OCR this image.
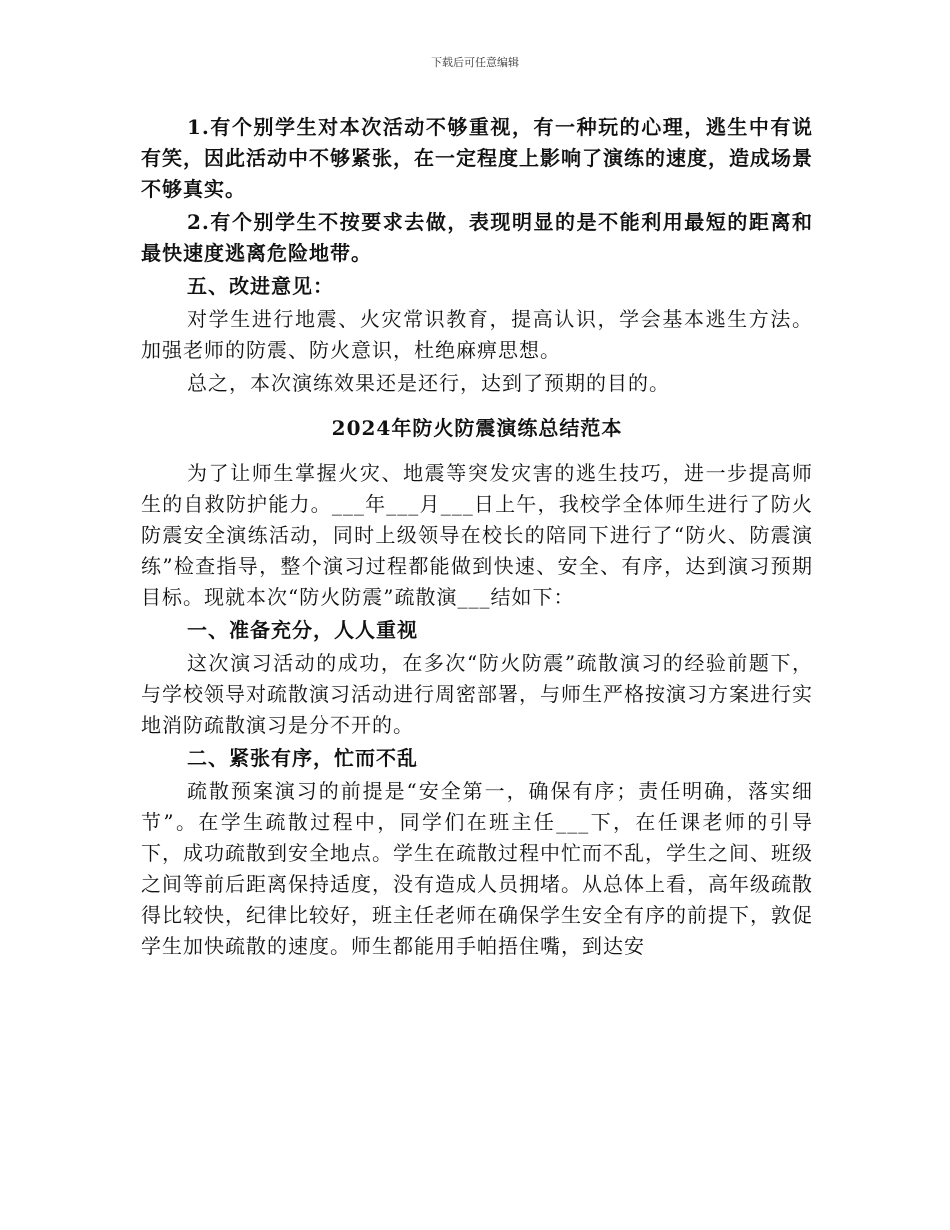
下载后可任意编辑

1.有个别学生对本次活动不够重视，有一种玩的心理，逃生中有说有笑，因此活动中不够紧张，在一定程度上影响了演练的速度，造成场景不够真实。

2.有个别学生不按要求去做，表现明显的是不能利用最短的距离和最快速度逃离危险地带。

五、改进意见：

对学生进行地震、火灾常识教育，提高认识，学会基本逃生方法。加强老师的防震、防火意识，杜绝麻痹思想。

总之，本次演练效果还是还行，达到了预期的目的。

2024年防火防震演练总结范本

为了让师生掌握火灾、地震等突发灾害的逃生技巧，进一步提高师生的自救防护能力。___年___月___日上午，我校学全体师生进行了防火防震安全演练活动，同时上级领导在校长的陪同下进行了“防火、防震演练”检查指导，整个演习过程都能做到快速、安全、有序，达到演习预期目标。现就本次“防火防震”疏散演___结如下：

一、准备充分，人人重视

这次演习活动的成功，在多次“防火防震”疏散演习的经验前题下，与学校领导对疏散演习活动进行周密部署，与师生严格按演习方案进行实地消防疏散演习是分不开的。

二、紧张有序，忙而不乱

疏散预案演习的前提是“安全第一，确保有序；责任明确，落实细节”。在学生疏散过程中，同学们在班主任___下，在任课老师的引导下，成功疏散到安全地点。学生在疏散过程中忙而不乱，学生之间、班级之间等前后距离保持适度，没有造成人员拥堵。从总体上看，高年级疏散得比较快，纪律比较好，班主任老师在确保学生安全有序的前提下，敦促学生加快疏散的速度。师生都能用手帕捂住嘴，到达安
